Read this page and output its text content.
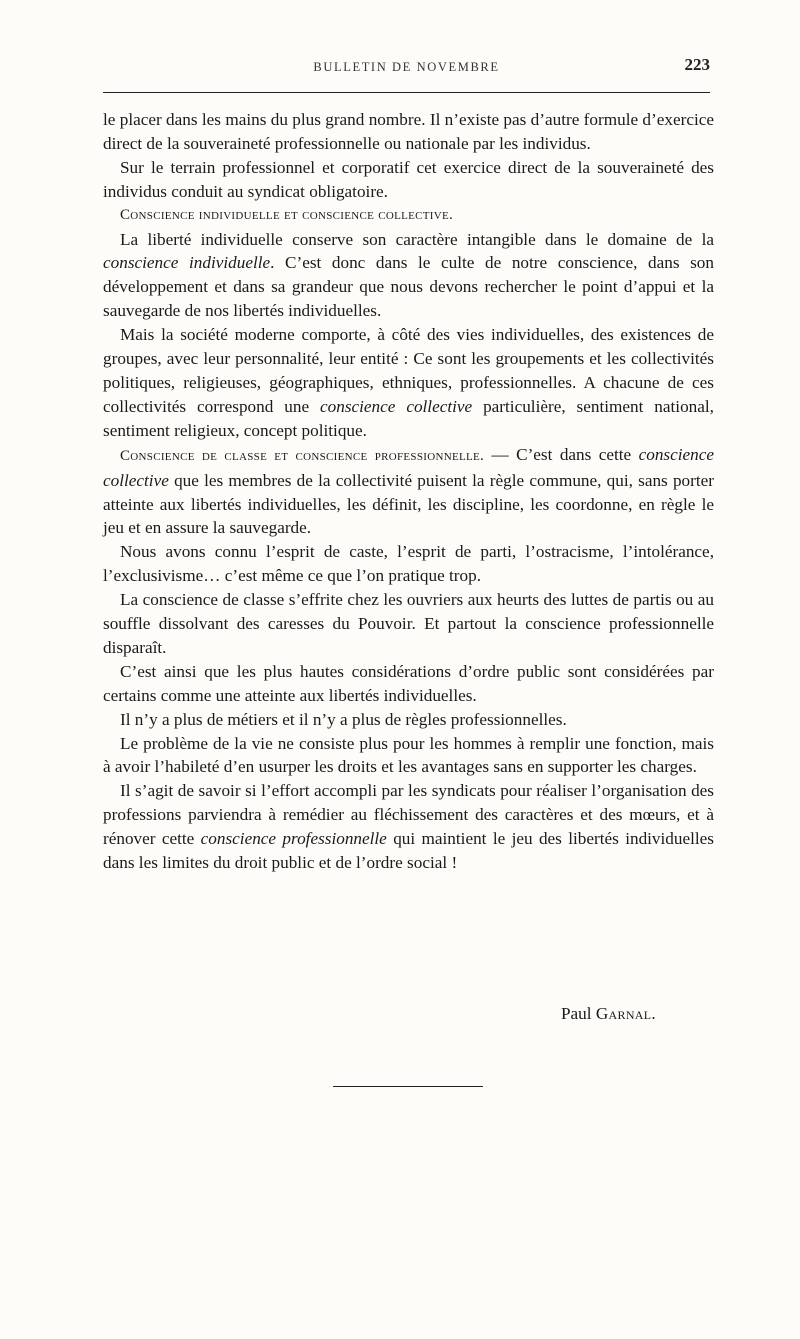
BULLETIN DE NOVEMBRE	223

le placer dans les mains du plus grand nombre. Il n’existe pas d’autre formule d’exercice direct de la souveraineté professionnelle ou nationale par les individus.

Sur le terrain professionnel et corporatif cet exercice direct de la souveraineté des individus conduit au syndicat obligatoire.

Conscience individuelle et conscience collective.

La liberté individuelle conserve son caractère intangible dans le domaine de la conscience individuelle. C’est donc dans le culte de notre conscience, dans son développement et dans sa grandeur que nous devons rechercher le point d’appui et la sauvegarde de nos libertés individuelles.

Mais la société moderne comporte, à côté des vies individuelles, des existences de groupes, avec leur personnalité, leur entité : Ce sont les groupements et les collectivités politiques, religieuses, géographiques, ethniques, professionnelles. A chacune de ces collectivités correspond une conscience collective particulière, sentiment national, sentiment religieux, concept politique.

Conscience de classe et conscience professionnelle. — C’est dans cette conscience collective que les membres de la collectivité puisent la règle commune, qui, sans porter atteinte aux libertés individuelles, les définit, les discipline, les coordonne, en règle le jeu et en assure la sauvegarde.

Nous avons connu l’esprit de caste, l’esprit de parti, l’ostracisme, l’intolérance, l’exclusivisme… c’est même ce que l’on pratique trop.

La conscience de classe s’effrite chez les ouvriers aux heurts des luttes de partis ou au souffle dissolvant des caresses du Pouvoir. Et partout la conscience professionnelle disparaît.

C’est ainsi que les plus hautes considérations d’ordre public sont considérées par certains comme une atteinte aux libertés individuelles.

Il n’y a plus de métiers et il n’y a plus de règles professionnelles.

Le problème de la vie ne consiste plus pour les hommes à remplir une fonction, mais à avoir l’habileté d’en usurper les droits et les avantages sans en supporter les charges.

Il s’agit de savoir si l’effort accompli par les syndicats pour réaliser l’organisation des professions parviendra à remédier au fléchissement des caractères et des mœurs, et à rénover cette conscience professionnelle qui maintient le jeu des libertés individuelles dans les limites du droit public et de l’ordre social !

Paul Garnal.
